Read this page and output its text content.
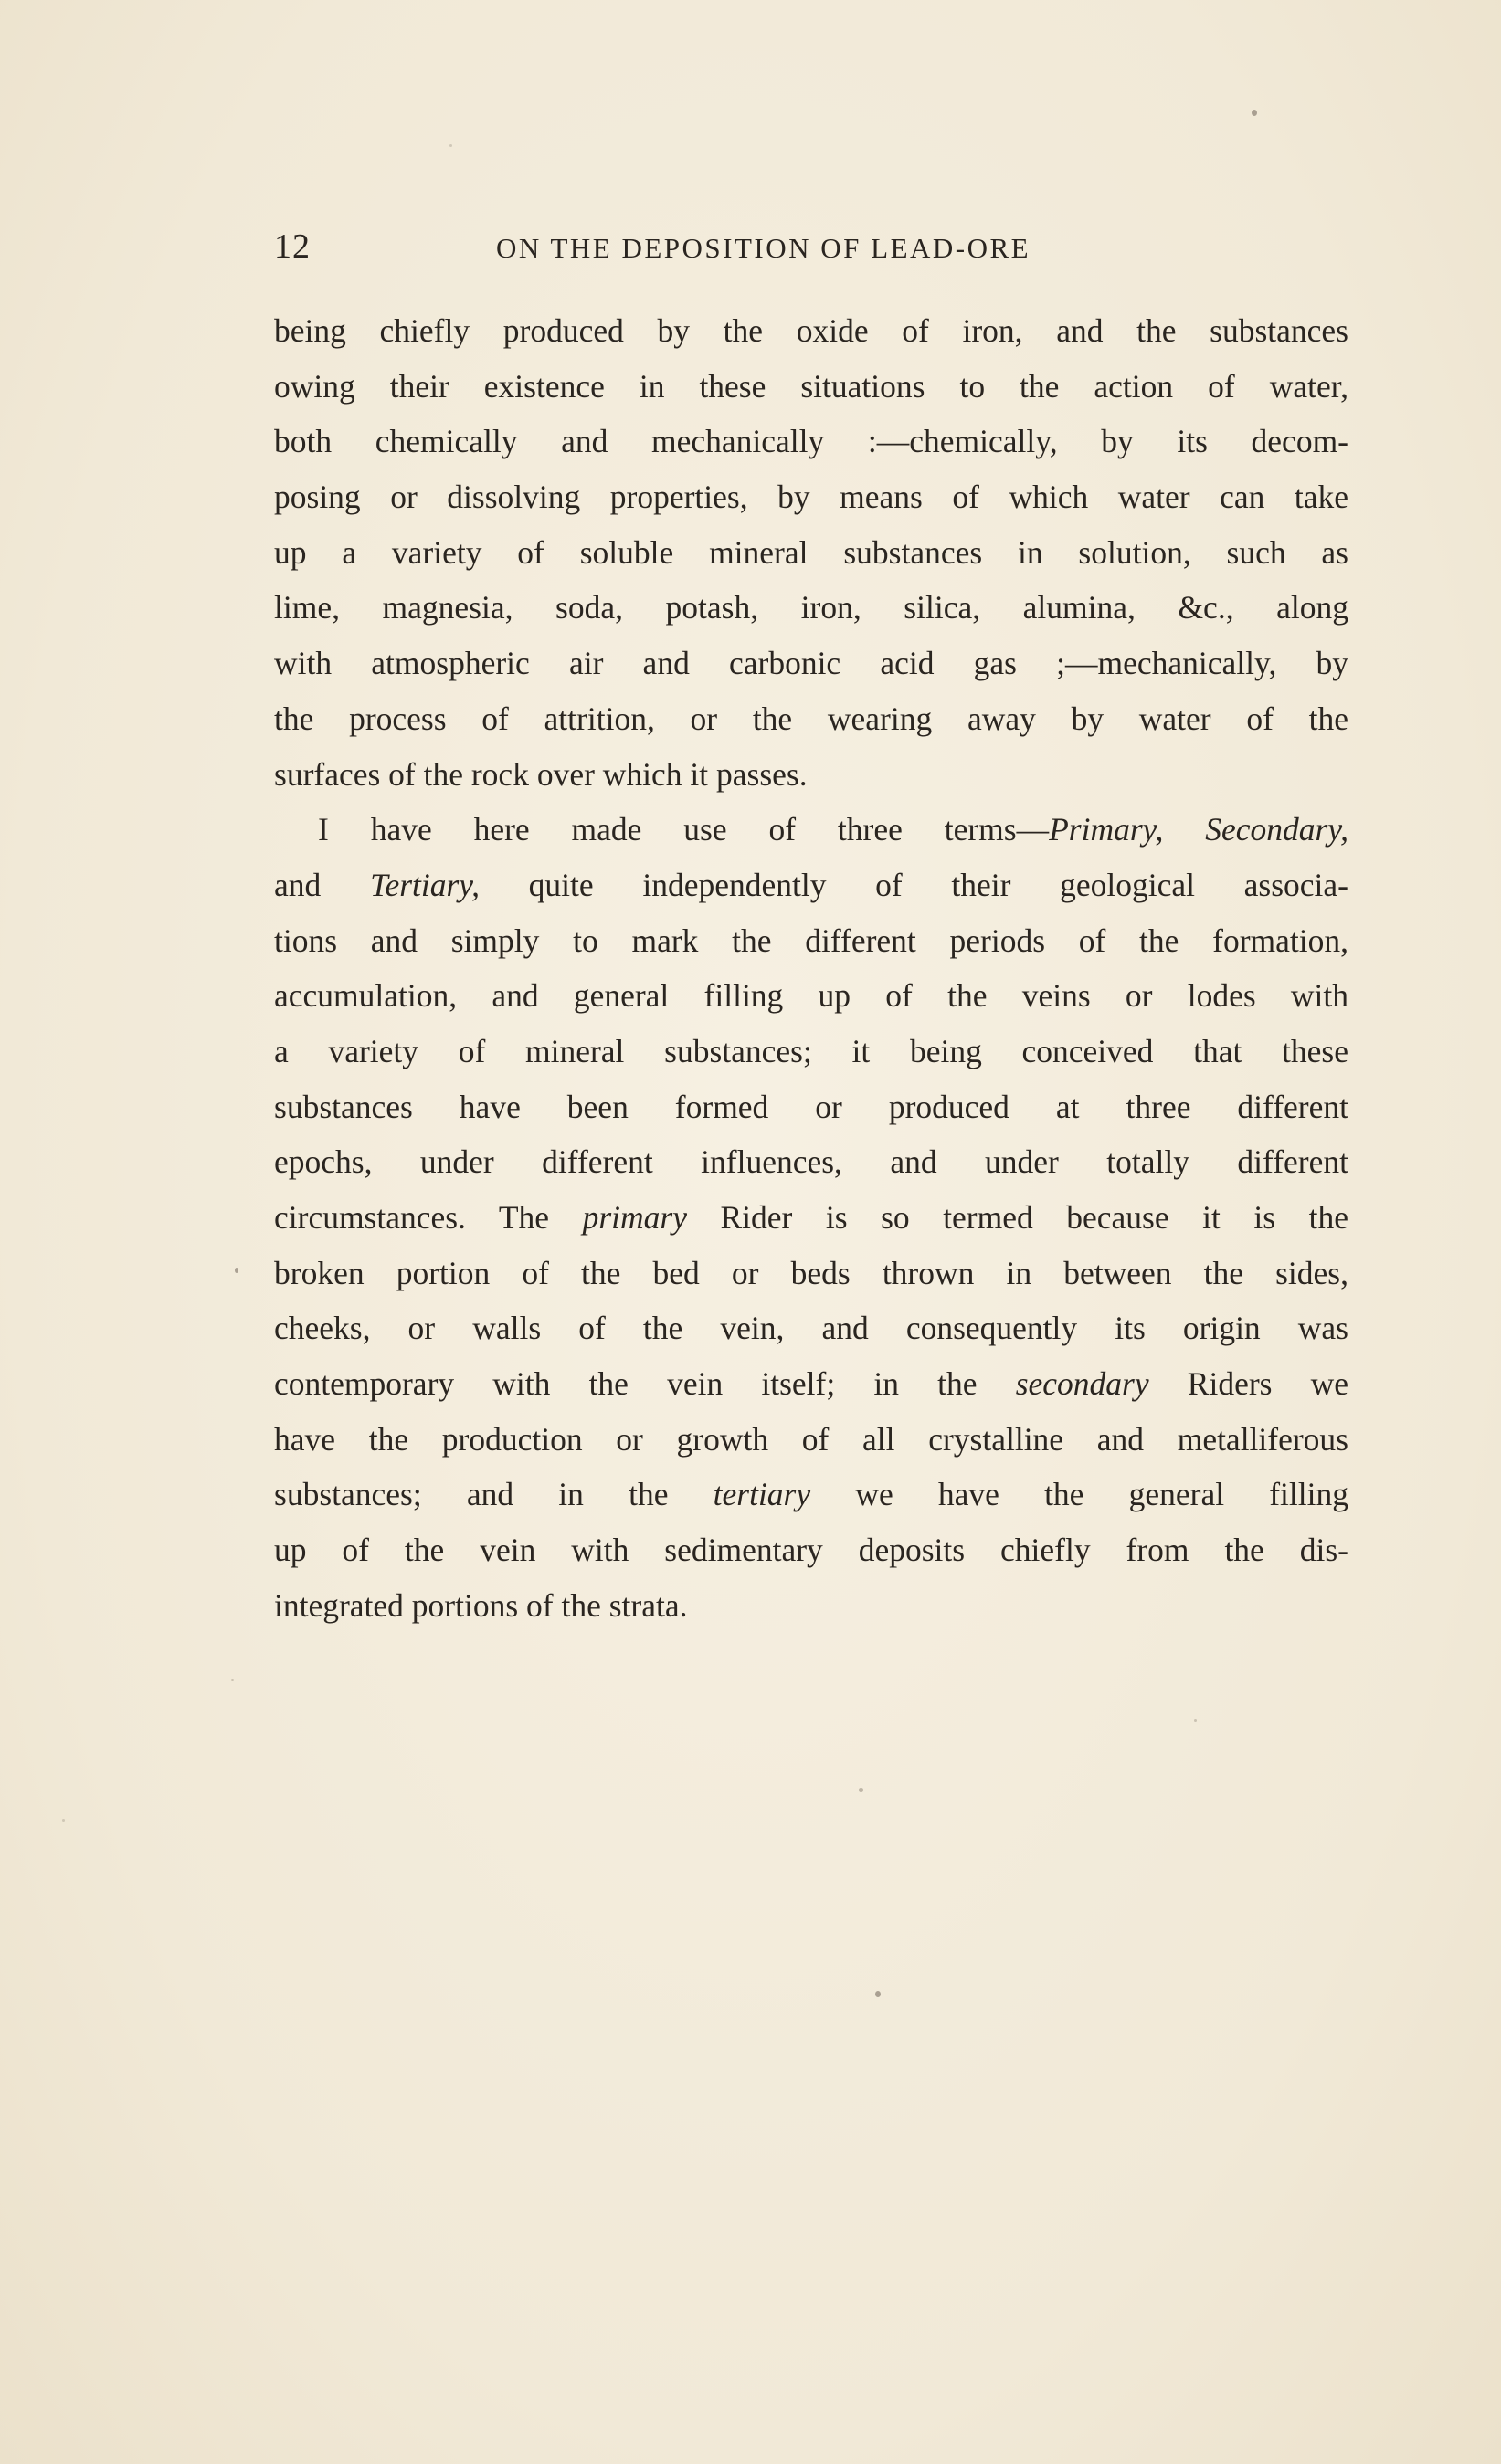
12	ON THE DEPOSITION OF LEAD-ORE
being chiefly produced by the oxide of iron, and the substances
owing their existence in these situations to the action of water,
both chemically and mechanically :—chemically, by its decom-
posing or dissolving properties, by means of which water can take
up a variety of soluble mineral substances in solution, such as
lime, magnesia, soda, potash, iron, silica, alumina, &c., along
with atmospheric air and carbonic acid gas ;—mechanically, by
the process of attrition, or the wearing away by water of the
surfaces of the rock over which it passes.
I have here made use of three terms—Primary, Secondary,
and Tertiary, quite independently of their geological associa-
tions and simply to mark the different periods of the formation,
accumulation, and general filling up of the veins or lodes with
a variety of mineral substances; it being conceived that these
substances have been formed or produced at three different
epochs, under different influences, and under totally different
circumstances. The primary Rider is so termed because it is the
broken portion of the bed or beds thrown in between the sides,
cheeks, or walls of the vein, and consequently its origin was
contemporary with the vein itself; in the secondary Riders we
have the production or growth of all crystalline and metalliferous
substances; and in the tertiary we have the general filling
up of the vein with sedimentary deposits chiefly from the dis-
integrated portions of the strata.
